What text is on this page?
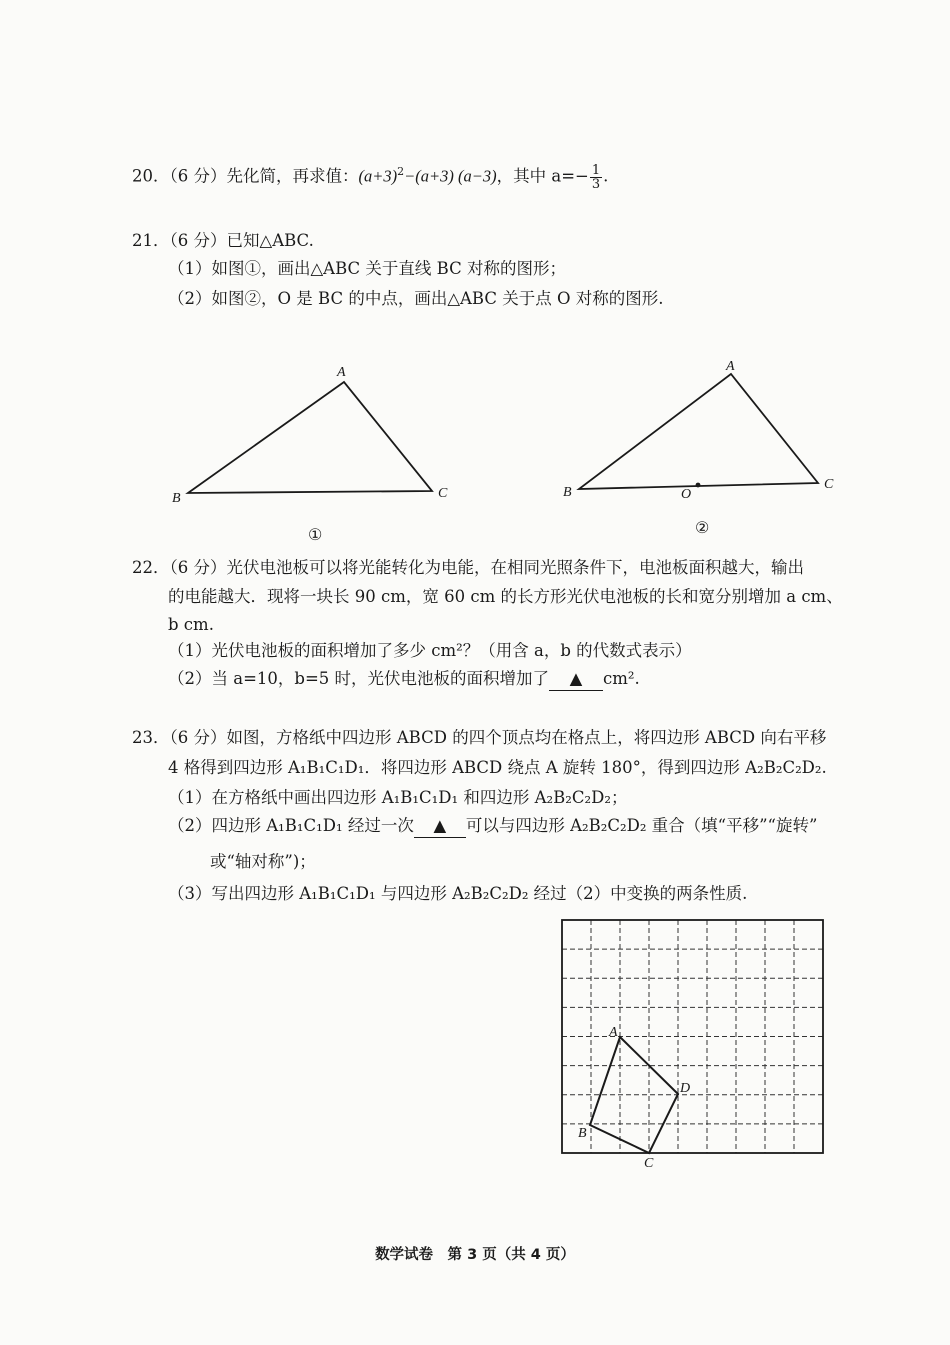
20．（6 分）先化简，再求值：$(a+3)^2-(a+3)$ (a−3)，其中 $a=- \frac{1}{3}$ .
21．（6 分）已知△ABC.
（1）如图①，画出△ABC 关于直线 BC 对称的图形；
（2）如图②，O 是 BC 的中点，画出△ABC 关于点 O 对称的图形.
A
B	C
①
A
B
C
O
②
22．（6 分）光伏电池板可以将光能转化为电能，在相同光照条件下，电池板面积越大，输出
的电能越大．现将一块长 90 cm，宽 60 cm 的长方形光伏电池板的长和宽分别增加 a cm、
b cm.
（1）光伏电池板的面积增加了多少 cm²？（用含 a，b 的代数式表示）
（2）当 a=10，b=5 时，光伏电池板的面积增加了 ▲ cm².
23．（6 分）如图，方格纸中四边形 ABCD 的四个顶点均在格点上，将四边形 ABCD 向右平移
4 格得到四边形 A₁B₁C₁D₁．将四边形 ABCD 绕点 A 旋转 180°，得到四边形 A₂B₂C₂D₂.
（1）在方格纸中画出四边形 A₁B₁C₁D₁ 和四边形 A₂B₂C₂D₂；
（2）四边形 A₁B₁C₁D₁ 经过一次 ▲ 可以与四边形 A₂B₂C₂D₂ 重合（填“平移”“旋转”
或“轴对称”)；
（3）写出四边形 A₁B₁C₁D₁ 与四边形 A₂B₂C₂D₂ 经过（2）中变换的两条性质.
A
B
C
D
数学试卷　第 3 页（共 4 页）
